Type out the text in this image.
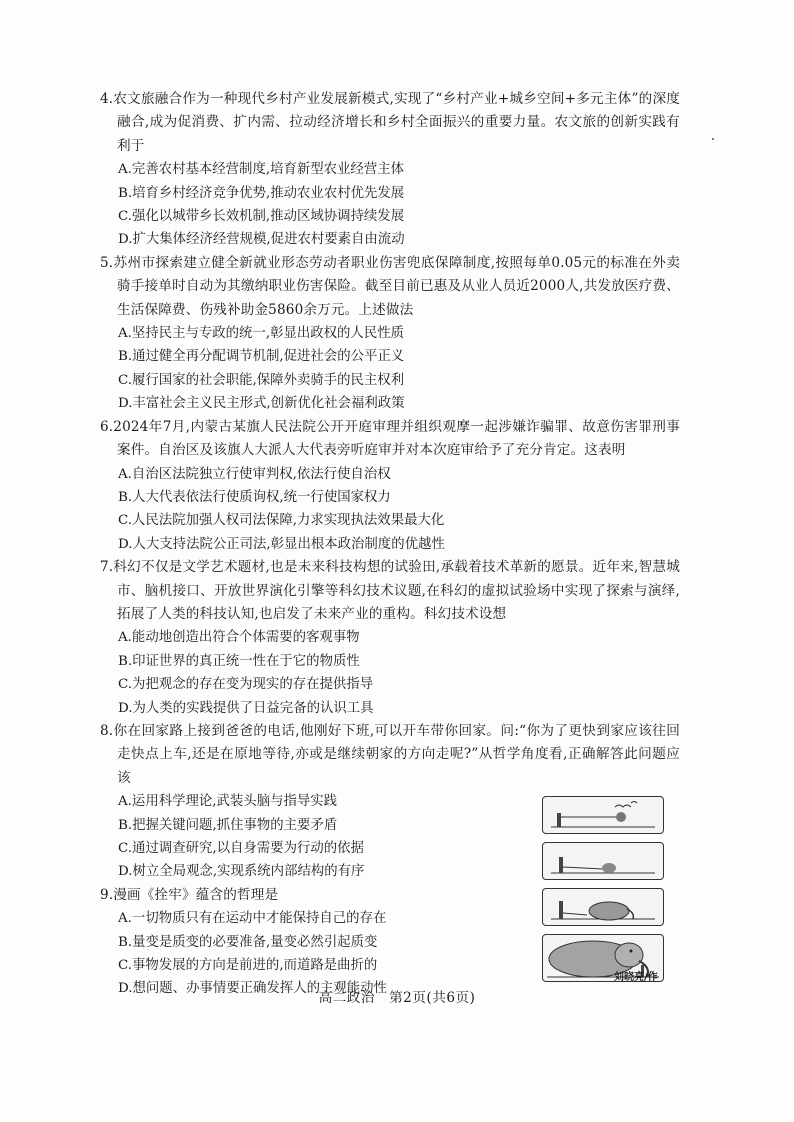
4.农文旅融合作为一种现代乡村产业发展新模式,实现了“乡村产业+城乡空间+多元主体”的深度融合,成为促消费、扩内需、拉动经济增长和乡村全面振兴的重要力量。农文旅的创新实践有利于

A.完善农村基本经营制度,培育新型农业经营主体

B.培育乡村经济竞争优势,推动农业农村优先发展

C.强化以城带乡长效机制,推动区域协调持续发展

D.扩大集体经济经营规模,促进农村要素自由流动

5.苏州市探索建立健全新就业形态劳动者职业伤害兜底保障制度,按照每单0.05元的标准在外卖骑手接单时自动为其缴纳职业伤害保险。截至目前已惠及从业人员近2000人,共发放医疗费、生活保障费、伤残补助金5860余万元。上述做法

A.坚持民主与专政的统一,彰显出政权的人民性质

B.通过健全再分配调节机制,促进社会的公平正义

C.履行国家的社会职能,保障外卖骑手的民主权利

D.丰富社会主义民主形式,创新优化社会福利政策

6.2024年7月,内蒙古某旗人民法院公开开庭审理并组织观摩一起涉嫌诈骗罪、故意伤害罪刑事案件。自治区及该旗人大派人大代表旁听庭审并对本次庭审给予了充分肯定。这表明

A.自治区法院独立行使审判权,依法行使自治权

B.人大代表依法行使质询权,统一行使国家权力

C.人民法院加强人权司法保障,力求实现执法效果最大化

D.人大支持法院公正司法,彰显出根本政治制度的优越性

7.科幻不仅是文学艺术题材,也是未来科技构想的试验田,承载着技术革新的愿景。近年来,智慧城市、脑机接口、开放世界演化引擎等科幻技术议题,在科幻的虚拟试验场中实现了探索与演绎,拓展了人类的科技认知,也启发了未来产业的重构。科幻技术设想

A.能动地创造出符合个体需要的客观事物

B.印证世界的真正统一性在于它的物质性

C.为把观念的存在变为现实的存在提供指导

D.为人类的实践提供了日益完备的认识工具

8.你在回家路上接到爸爸的电话,他刚好下班,可以开车带你回家。问:“你为了更快到家应该往回走快点上车,还是在原地等待,亦或是继续朝家的方向走呢?”从哲学角度看,正确解答此问题应该

A.运用科学理论,武装头脑与指导实践

B.把握关键问题,抓住事物的主要矛盾

C.通过调查研究,以自身需要为行动的依据

D.树立全局观念,实现系统内部结构的有序

9.漫画《拴牢》蕴含的哲理是

A.一切物质只有在运动中才能保持自己的存在

B.量变是质变的必要准备,量变必然引起质变

C.事物发展的方向是前进的,而道路是曲折的

D.想问题、办事情要正确发挥人的主观能动性

刘晓亮/作
高二政治　第2页(共6页)
